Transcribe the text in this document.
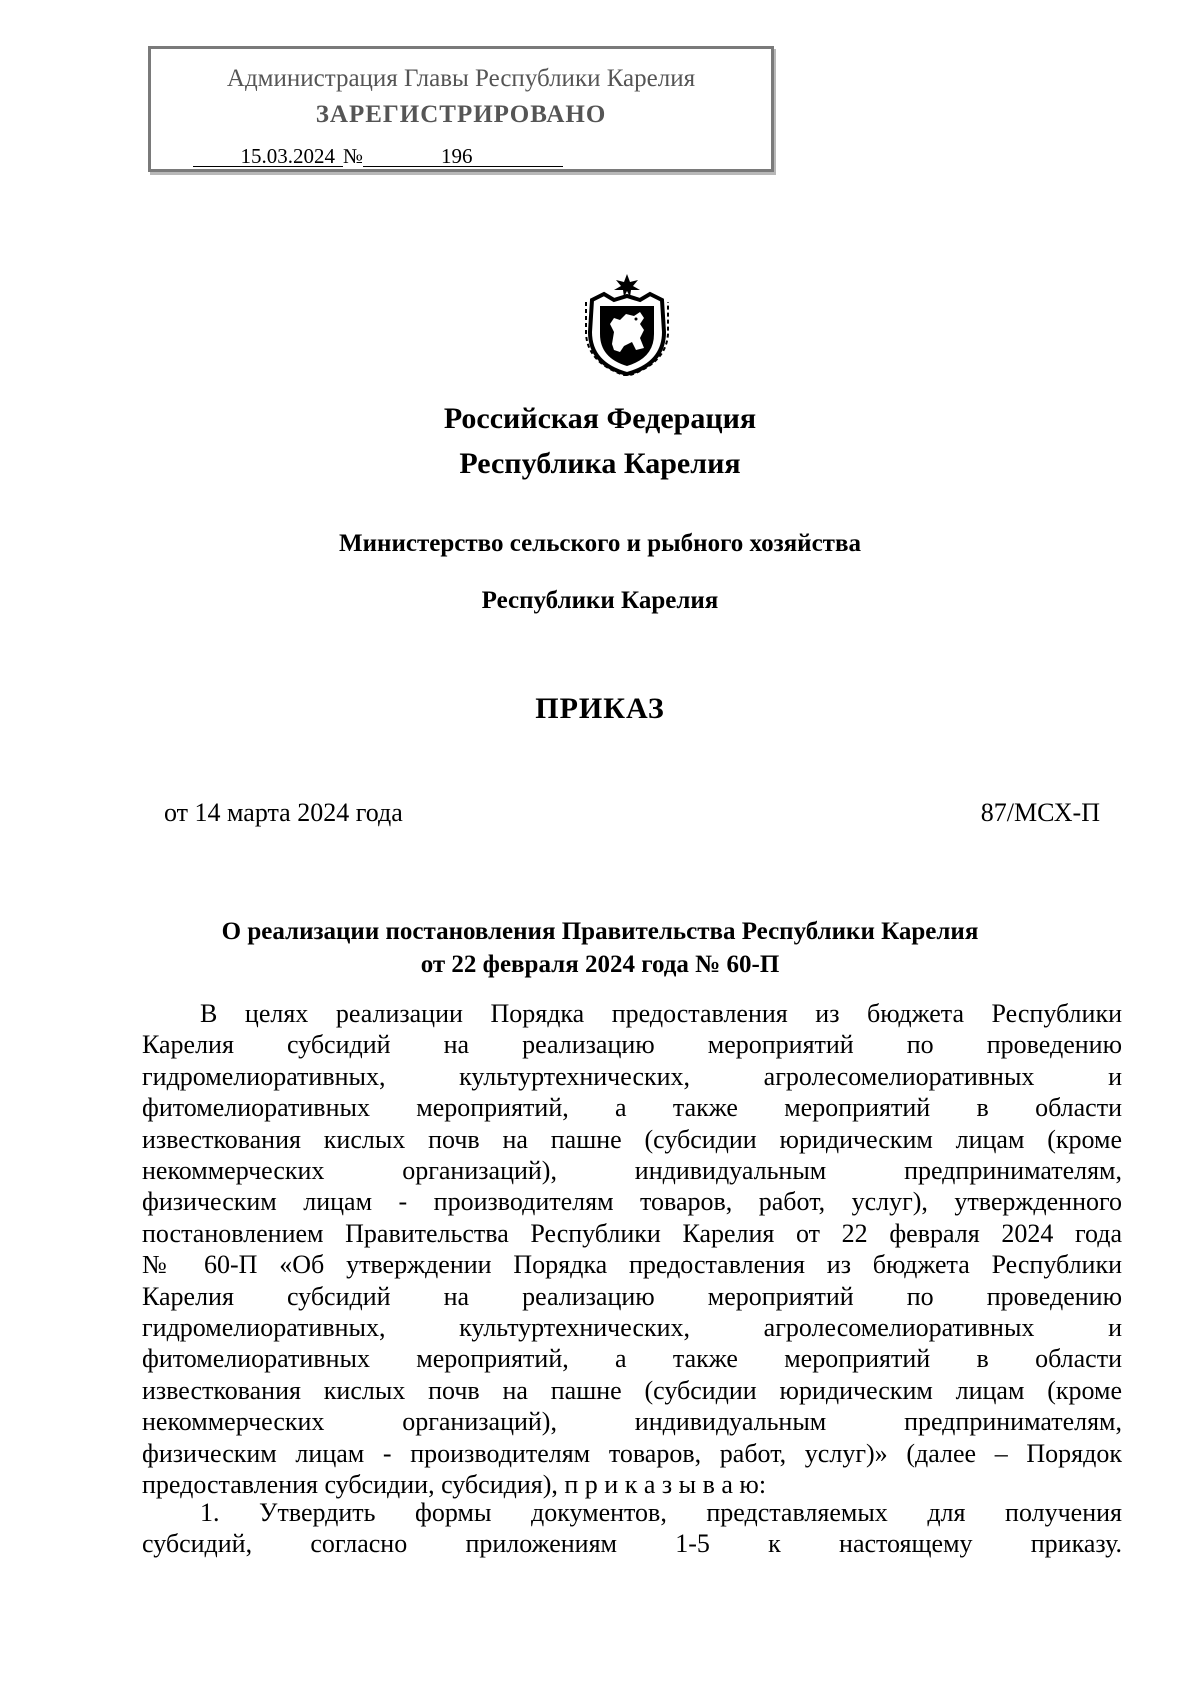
Администрация Главы Республики Карелия
ЗАРЕГИСТРИРОВАНО
15.03.2024 №	196
Российская Федерация
Республика Карелия
Министерство сельского и рыбного хозяйства
Республики Карелия
ПРИКАЗ
от 14 марта 2024 года	87/МСХ-П
О реализации постановления Правительства Республики Карелия
от 22 февраля 2024 года № 60-П
В целях реализации Порядка предоставления из бюджета Республики
Карелия субсидий на реализацию мероприятий по проведению
гидромелиоративных, культуртехнических, агролесомелиоративных и
фитомелиоративных мероприятий, а также мероприятий в области
известкования кислых почв на пашне (субсидии юридическим лицам (кроме
некоммерческих организаций), индивидуальным предпринимателям,
физическим лицам - производителям товаров, работ, услуг), утвержденного
постановлением Правительства Республики Карелия от 22 февраля 2024 года
№ 60-П «Об утверждении Порядка предоставления из бюджета Республики
Карелия субсидий на реализацию мероприятий по проведению
гидромелиоративных, культуртехнических, агролесомелиоративных и
фитомелиоративных мероприятий, а также мероприятий в области
известкования кислых почв на пашне (субсидии юридическим лицам (кроме
некоммерческих организаций), индивидуальным предпринимателям,
физическим лицам - производителям товаров, работ, услуг)» (далее – Порядок
предоставления субсидии, субсидия), п р и к а з ы в а ю:
1. Утвердить формы документов, представляемых для получения
субсидий, согласно приложениям 1-5 к настоящему приказу.
